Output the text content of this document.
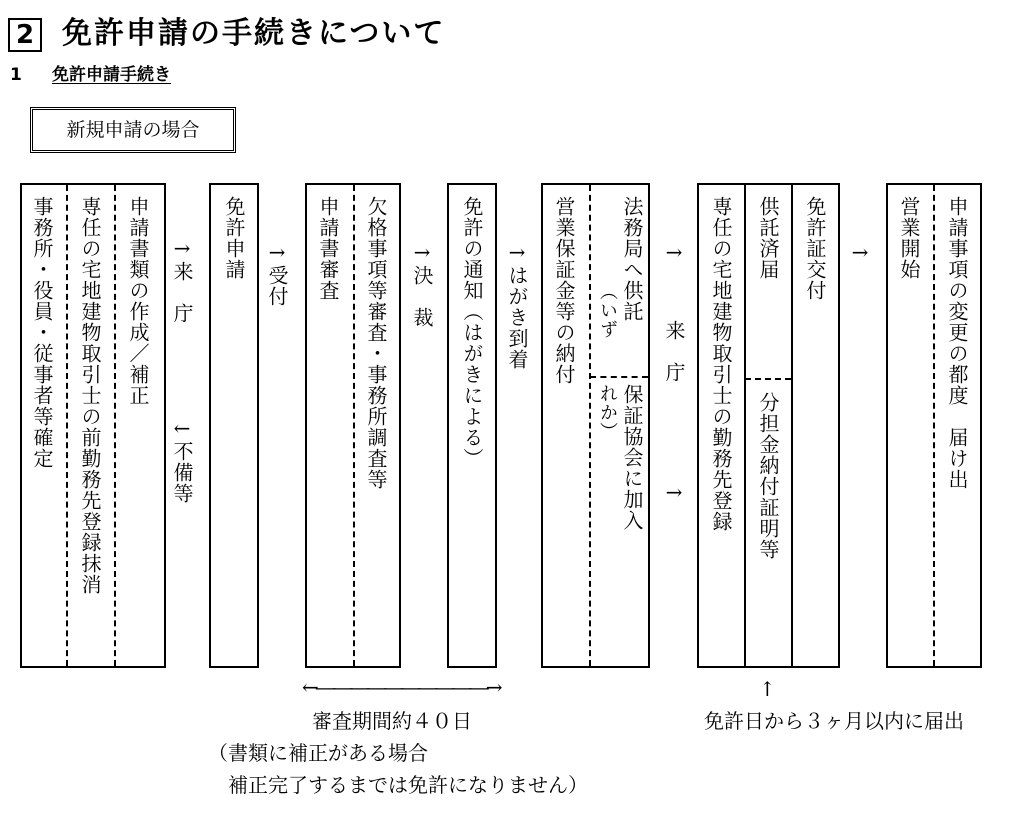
2 免許申請の手続きについて
1 免許申請手続き
新規申請の場合
事務所・役員・従事者等確定 専任の宅地建物取引士の前勤務先登録抹消 申請書類の作成／補正 →来　庁
←不備等
免許申請 →受付 申請書審査 欠格事項等審査・事務所調査等 →決　裁 免許の通知（はがきによる） →はがき到着 営業保証金等の納付 法務局へ供託
（いず
れか） 保証協会に加入
→
来　庁
→ 専任の宅地建物取引士の勤務先登録 供託済届
分担金納付証明等
免許証交付 → 営業開始 申請事項の変更の都度　届け出
←――――――――――→
審査期間約４０日
（書類に補正がある場合
補正完了するまでは免許になりません）
↑
免許日から３ヶ月以内に届出
